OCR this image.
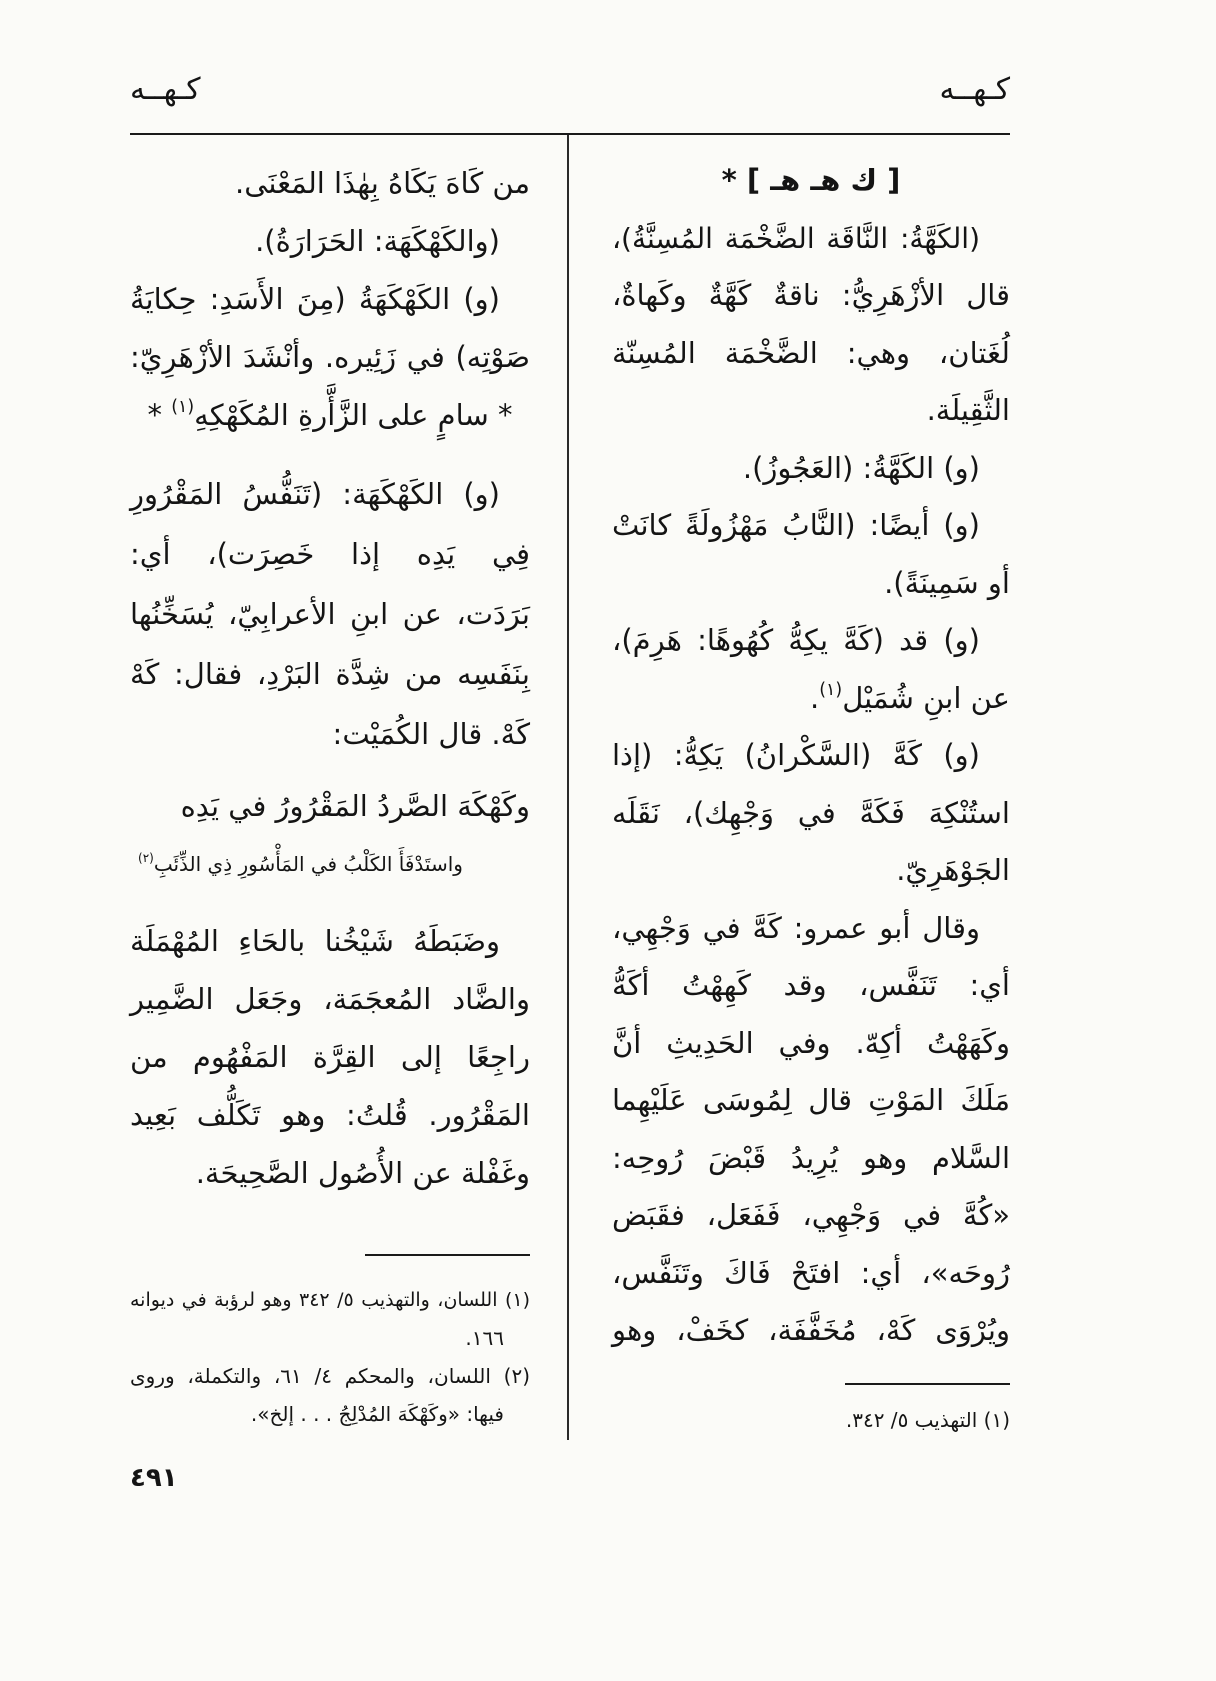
كـهــه
كـهــه
[ ك هـ هـ ] *
(الكَهَّةُ: النَّاقَة الضَّخْمَة المُسِنَّةُ)،
قال الأزْهَرِيُّ: ناقةٌ كَهَّةٌ وكَهاةٌ،
لُغَتان، وهي: الضَّخْمَة المُسِنّة
الثَّقِيلَة.
(و) الكَهَّةُ: (العَجُوزُ).
(و) أيضًا: (النَّابُ مَهْزُولَةً كانَتْ
أو سَمِينَةً).
(و) قد (كَهَّ يكِهُّ كُهُوهًا: هَرِمَ)،
عن ابنِ شُمَيْل$^{(١)}$.
(و) كَهَّ (السَّكْرانُ) يَكِهُّ: (إذا
استُنْكِهَ فَكَهَّ في وَجْهِك)، نَقَلَه
الجَوْهَرِيّ.
وقال أبو عمرو: كَهَّ في وَجْهِي،
أي: تَنَفَّس، وقد كَهِهْتُ أكَهُّ
وكَهَهْتُ أكِهّ. وفي الحَدِيثِ أنَّ
مَلَكَ المَوْتِ قال لِمُوسَى عَلَيْهِما
السَّلام وهو يُرِيدُ قَبْضَ رُوحِه:
«كُهَّ في وَجْهِي، فَفَعَل، فقَبَض
رُوحَه»، أي: افتَحْ فَاكَ وتَنَفَّس،
ويُرْوَى كَهْ، مُخَفَّفَة، كخَفْ، وهو
(١) التهذيب ٥/ ٣٤٢.
من كَاهَ يَكَاهُ بِهٰذَا المَعْنَى.
(والكَهْكَهَة: الحَرَارَةُ).
(و) الكَهْكَهَةُ (مِنَ الأَسَدِ: حِكايَةُ
صَوْتِه) في زَئِيره. وأنْشَدَ الأزْهَرِيّ:
* سامٍ على الزَّأَّرةِ المُكَهْكِهِ$^{(١)}$ *
(و) الكَهْكَهَة: (تَنَفُّسُ المَقْرُورِ
فِي يَدِه إذا خَصِرَت)، أي:
بَرَدَت، عن ابنِ الأعرابِيّ، يُسَخِّنُها
بِنَفَسِه من شِدَّة البَرْدِ، فقال: كَهْ
كَهْ. قال الكُمَيْت:
وكَهْكَهَ الصَّردُ المَقْرُورُ في يَدِه
واستَدْفَأَ الكَلْبُ في المَأْسُورِ ذِي الذِّئَبِ$^{(٢)}$
وضَبَطَهُ شَيْخُنا بالحَاءِ المُهْمَلَة
والضَّاد المُعجَمَة، وجَعَل الضَّمِير
راجِعًا إلى القِرَّة المَفْهُوم من
المَقْرُور. قُلتُ: وهو تَكَلُّف بَعِيد
وغَفْلة عن الأُصُول الصَّحِيحَة.
(١) اللسان، والتهذيب ٥/ ٣٤٢ وهو لرؤبة في ديوانه
١٦٦.
(٢) اللسان، والمحكم ٤/ ٦١، والتكملة، وروى
فيها: «وكَهْكَهَ المُدْلِجُ . . . إلخ».
٤٩١
